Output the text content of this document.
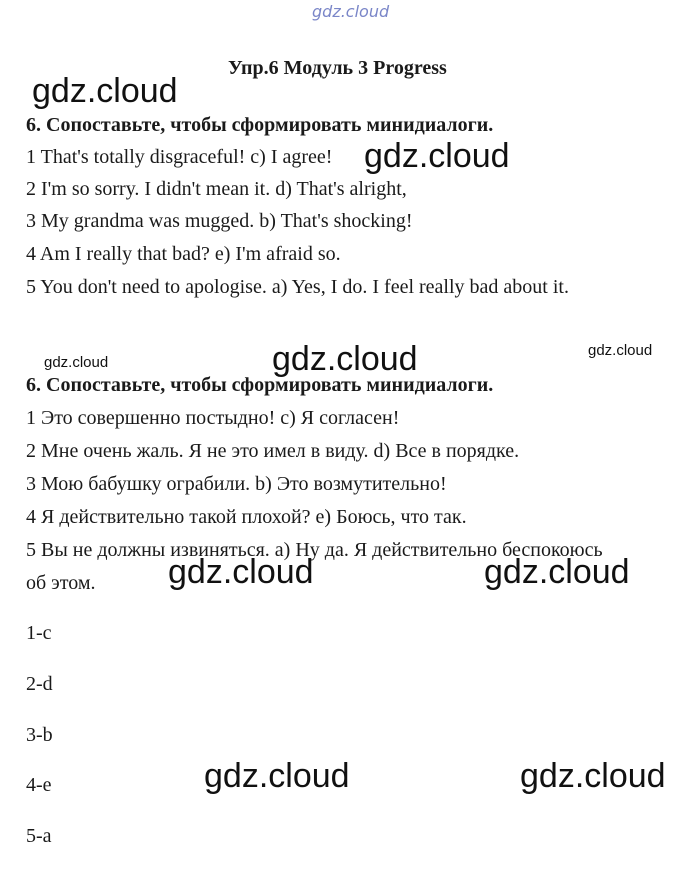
gdz.cloud
Упр.6 Модуль 3 Progress
6. Сопоставьте, чтобы сформировать минидиалоги.
1 That's totally disgraceful! c) I agree!
2 I'm so sorry. I didn't mean it. d) That's alright,
3 My grandma was mugged. b) That's shocking!
4 Am I really that bad? e) I'm afraid so.
5 You don't need to apologise. a) Yes, I do. I feel really bad about it.
6. Сопоставьте, чтобы сформировать минидиалоги.
1 Это совершенно постыдно! с) Я согласен!
2 Мне очень жаль. Я не это имел в виду. d) Все в порядке.
3 Мою бабушку ограбили. b) Это возмутительно!
4 Я действительно такой плохой? е) Боюсь, что так.
5 Вы не должны извиняться. а) Ну да. Я действительно беспокоюсь
об этом.
1-c
2-d
3-b
4-e
5-a
gdz.cloud
gdz.cloud
gdz.cloud	gdz.cloud	gdz.cloud
gdz.cloud	gdz.cloud
gdz.cloud	gdz.cloud
